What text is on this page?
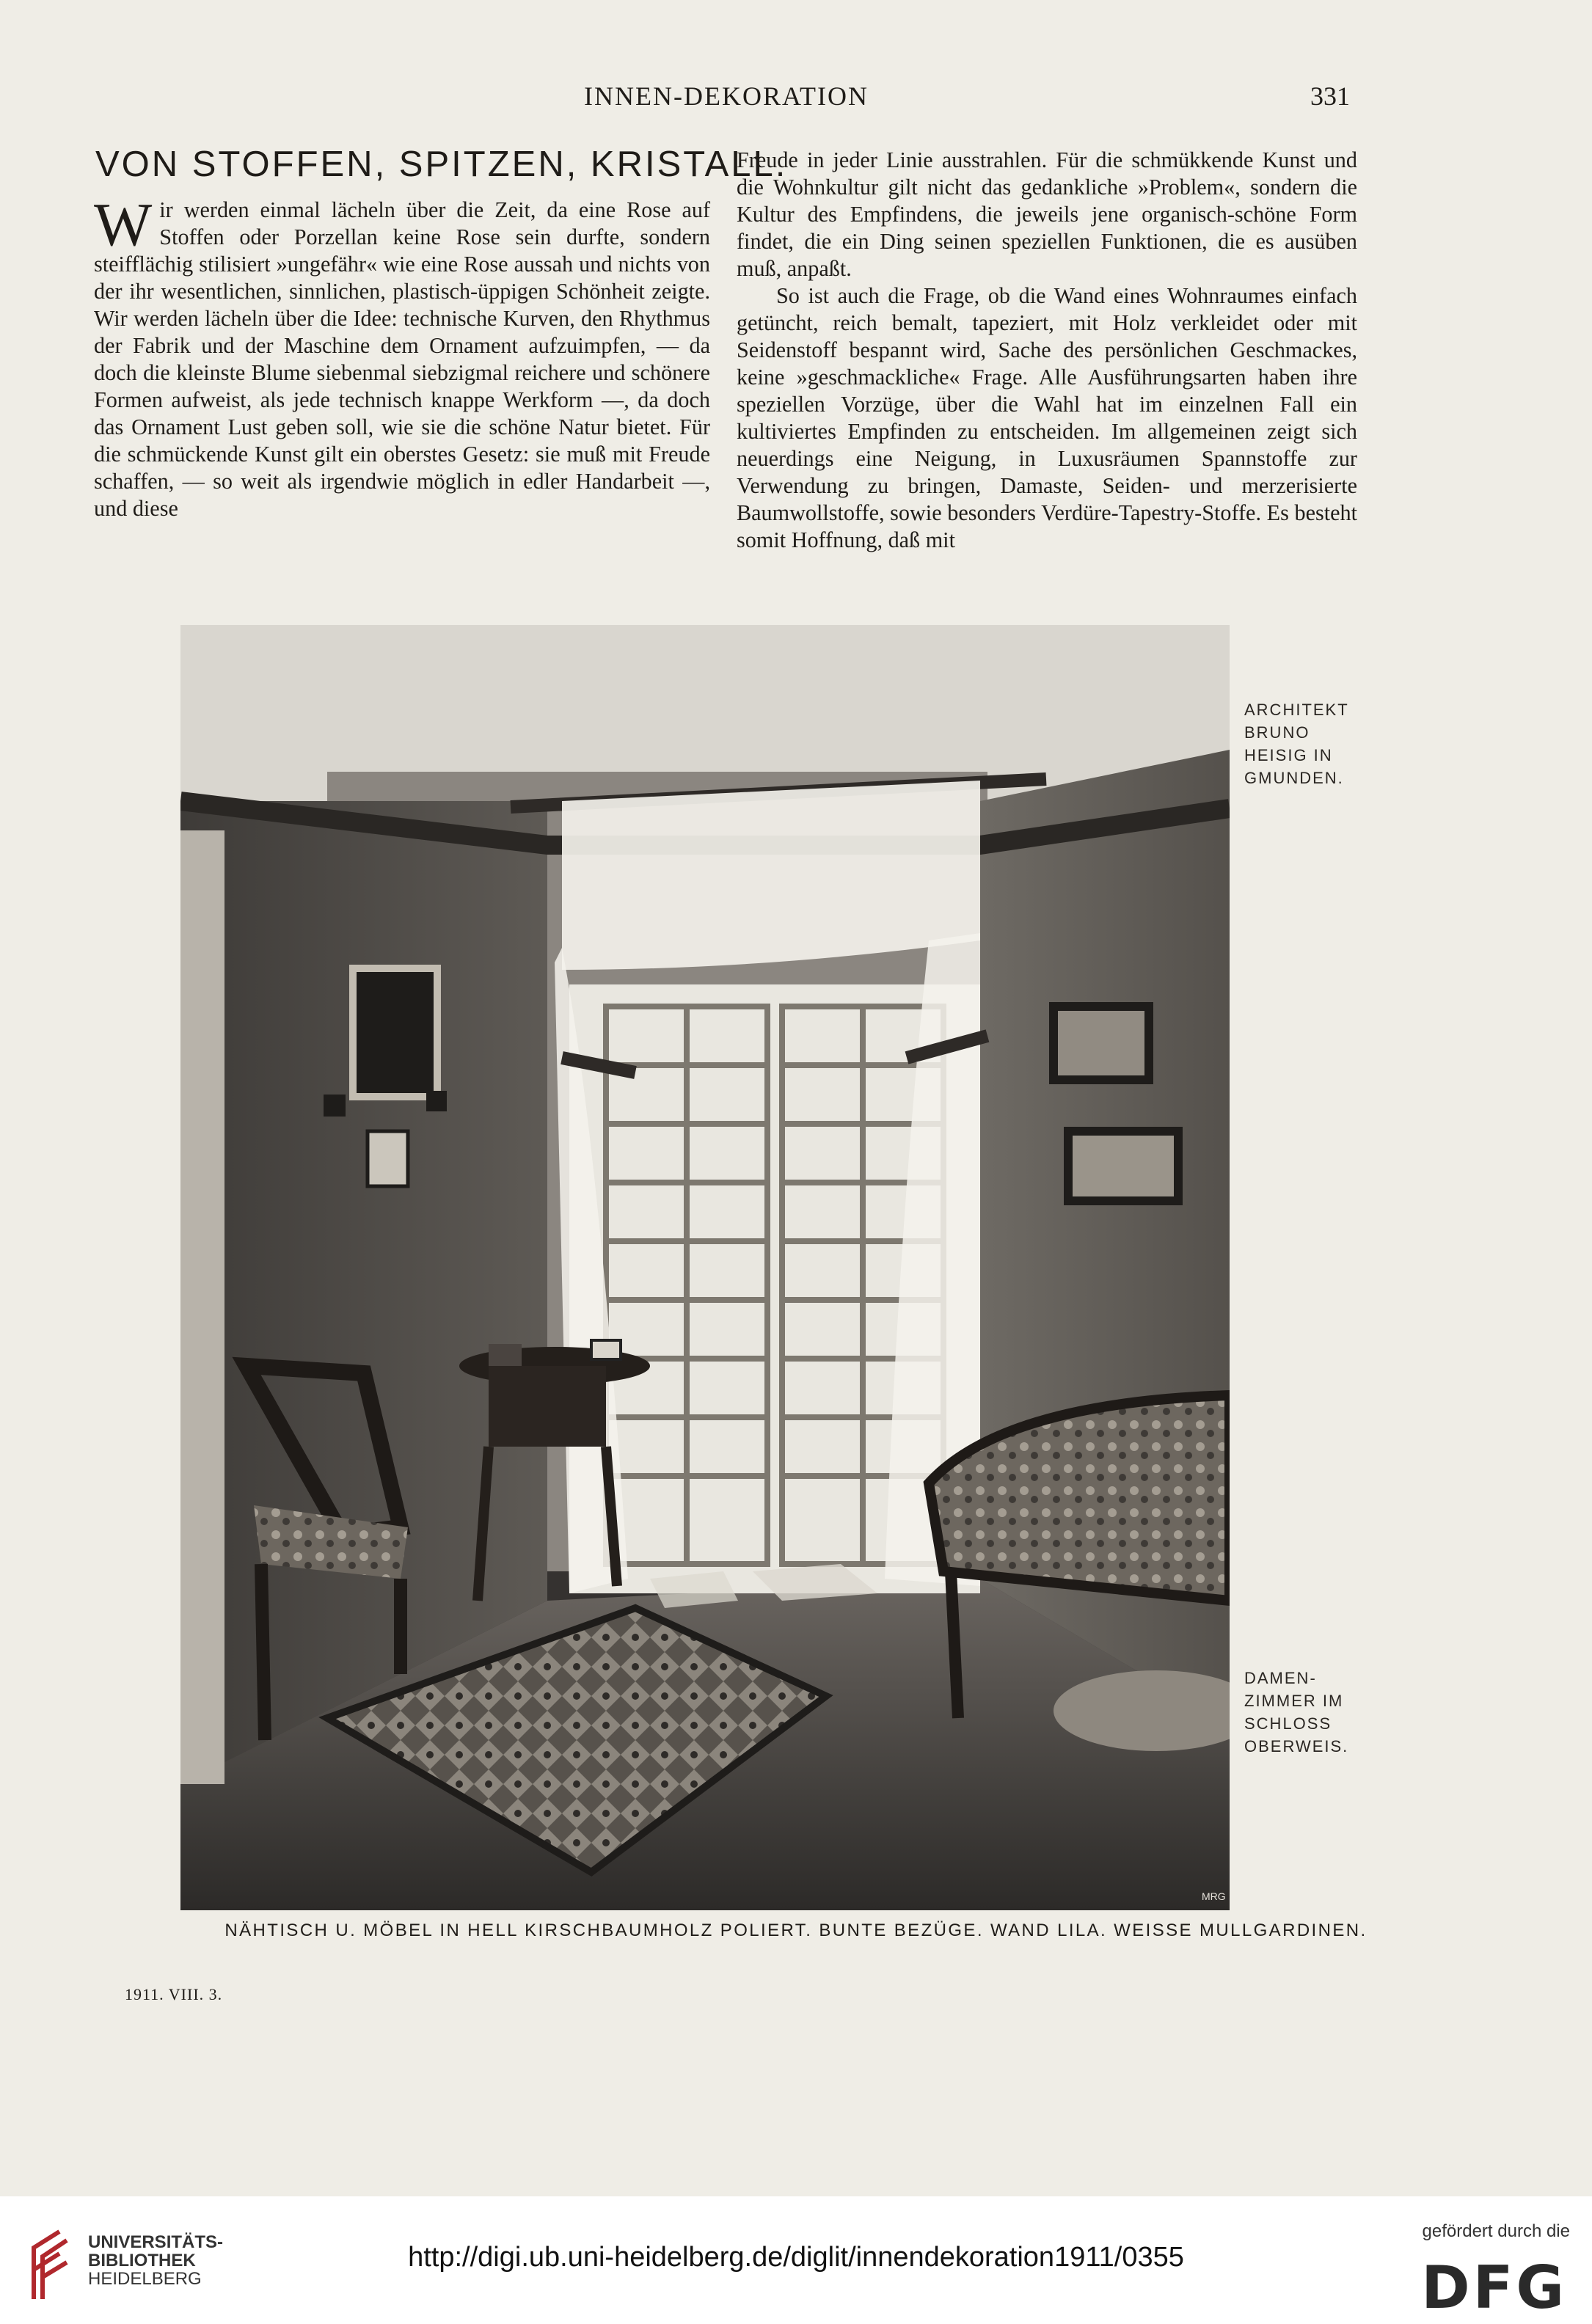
INNEN-DEKORATION	331
VON STOFFEN, SPITZEN, KRISTALL.

Wir werden einmal lächeln über die Zeit, da eine Rose auf Stoffen oder Porzellan keine Rose sein durfte, sondern steifflächig stilisiert »ungefähr« wie eine Rose aussah und nichts von der ihr wesentlichen, sinnlichen, plastisch-üppigen Schönheit zeigte. Wir werden lächeln über die Idee: technische Kurven, den Rhythmus der Fabrik und der Maschine dem Ornament aufzuimpfen, — da doch die kleinste Blume siebenmal siebzigmal reichere und schönere Formen aufweist, als jede technisch knappe Werkform —, da doch das Ornament Lust geben soll, wie sie die schöne Natur bietet. Für die schmückende Kunst gilt ein oberstes Gesetz: sie muß mit Freude schaffen, — so weit als irgendwie möglich in edler Handarbeit —, und diese

Freude in jeder Linie ausstrahlen. Für die schmükkende Kunst und die Wohnkultur gilt nicht das gedankliche »Problem«, sondern die Kultur des Empfindens, die jeweils jene organisch-schöne Form findet, die ein Ding seinen speziellen Funktionen, die es ausüben muß, anpaßt.

So ist auch die Frage, ob die Wand eines Wohnraumes einfach getüncht, reich bemalt, tapeziert, mit Holz verkleidet oder mit Seidenstoff bespannt wird, Sache des persönlichen Geschmackes, keine »geschmackliche« Frage. Alle Ausführungsarten haben ihre speziellen Vorzüge, über die Wahl hat im einzelnen Fall ein kultiviertes Empfinden zu entscheiden. Im allgemeinen zeigt sich neuerdings eine Neigung, in Luxusräumen Spannstoffe zur Verwendung zu bringen, Damaste, Seiden- und merzerisierte Baumwollstoffe, sowie besonders Verdüre-Tapestry-Stoffe. Es besteht somit Hoffnung, daß mit

MRG
ARCHITEKT
BRUNO
HEISIG IN
GMUNDEN.
DAMEN-
ZIMMER IM
SCHLOSS
OBERWEIS.
NÄHTISCH U. MÖBEL IN HELL KIRSCHBAUMHOLZ POLIERT. BUNTE BEZÜGE. WAND LILA. WEISSE MULLGARDINEN.
1911. VIII. 3.
UNIVERSITÄTS-
BIBLIOTHEK
HEIDELBERG
http://digi.ub.uni-heidelberg.de/diglit/innendekoration1911/0355
gefördert durch die
DFG
